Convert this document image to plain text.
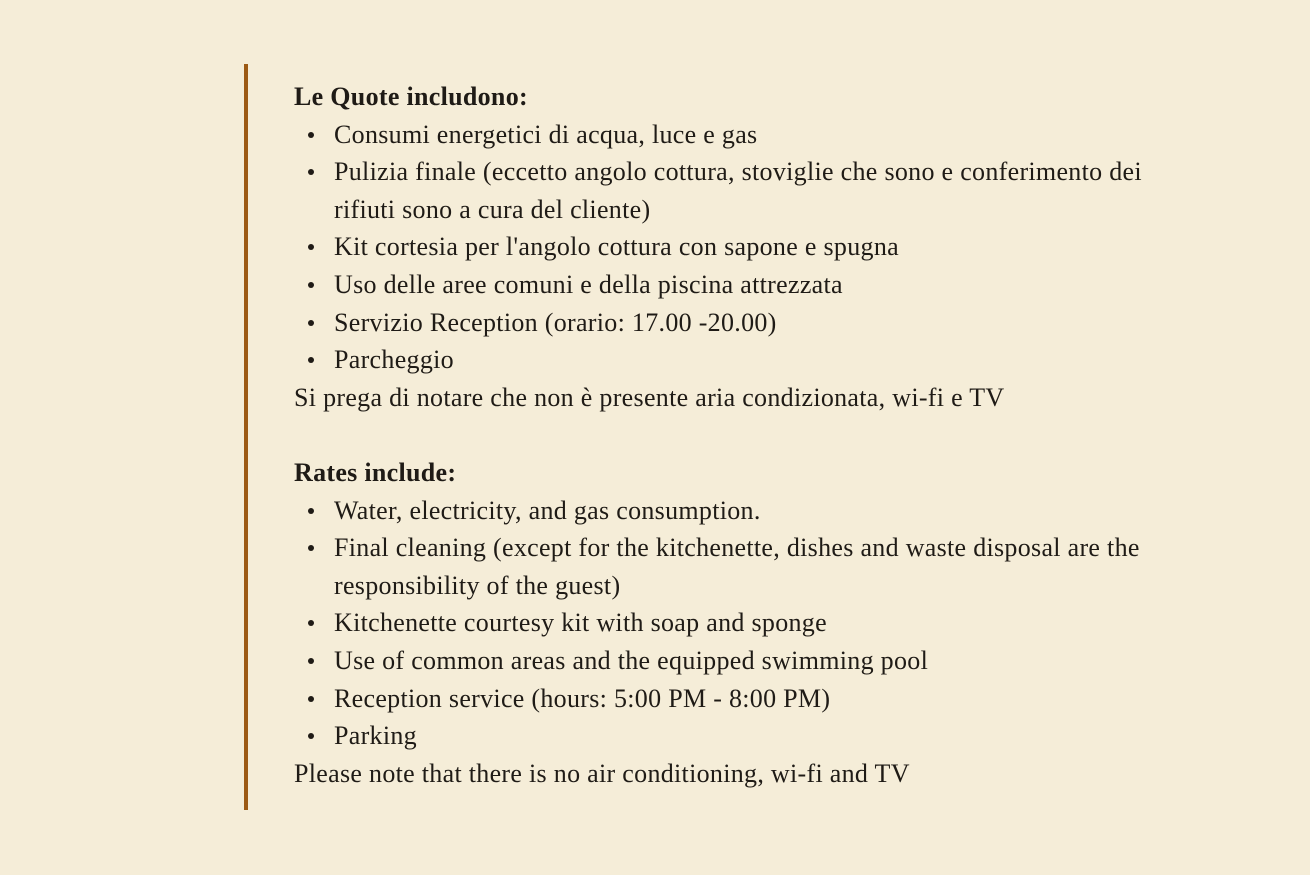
Le Quote includono:

Consumi energetici di acqua, luce e gas
Pulizia finale (eccetto angolo cottura, stoviglie che sono e conferimento dei rifiuti sono a cura del cliente)
Kit cortesia per l'angolo cottura con sapone e spugna
Uso delle aree comuni e della piscina attrezzata
Servizio Reception (orario: 17.00 -20.00)
Parcheggio

Si prega di notare che non è presente aria condizionata, wi-fi e TV

Rates include:

Water, electricity, and gas consumption.
Final cleaning (except for the kitchenette, dishes and waste disposal are the responsibility of the guest)
Kitchenette courtesy kit with soap and sponge
Use of common areas and the equipped swimming pool
Reception service (hours: 5:00 PM - 8:00 PM)
Parking

Please note that there is no air conditioning, wi-fi and TV
